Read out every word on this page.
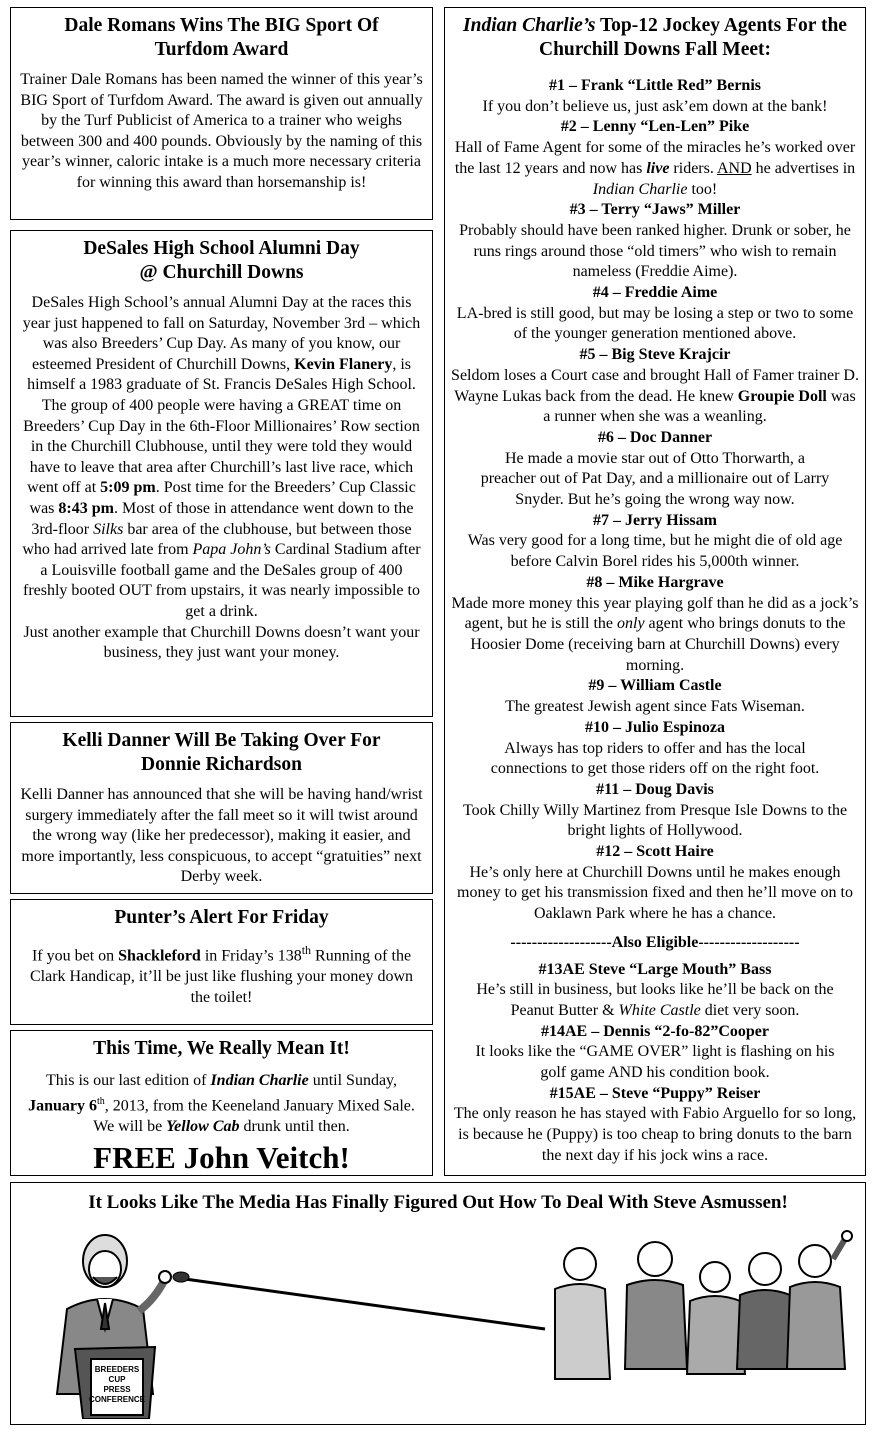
Dale Romans Wins The BIG Sport Of Turfdom Award

Trainer Dale Romans has been named the winner of this year’s BIG Sport of Turfdom Award. The award is given out annually by the Turf Publicist of America to a trainer who weighs between 300 and 400 pounds. Obviously by the naming of this year’s winner, caloric intake is a much more necessary criteria for winning this award than horsemanship is!

DeSales High School Alumni Day
@ Churchill Downs

DeSales High School’s annual Alumni Day at the races this year just happened to fall on Saturday, November 3rd – which was also Breeders’ Cup Day. As many of you know, our esteemed President of Churchill Downs, Kevin Flanery, is himself a 1983 graduate of St. Francis DeSales High School.

The group of 400 people were having a GREAT time on Breeders’ Cup Day in the 6th-Floor Millionaires’ Row section in the Churchill Clubhouse, until they were told they would have to leave that area after Churchill’s last live race, which went off at 5:09 pm. Post time for the Breeders’ Cup Classic was 8:43 pm. Most of those in attendance went down to the 3rd-floor Silks bar area of the clubhouse, but between those who had arrived late from Papa John’s Cardinal Stadium after a Louisville football game and the DeSales group of 400 freshly booted OUT from upstairs, it was nearly impossible to get a drink.

Just another example that Churchill Downs doesn’t want your business, they just want your money.

Kelli Danner Will Be Taking Over For Donnie Richardson

Kelli Danner has announced that she will be having hand/wrist surgery immediately after the fall meet so it will twist around the wrong way (like her predecessor), making it easier, and more importantly, less conspicuous, to accept “gratuities” next Derby week.

Punter’s Alert For Friday

If you bet on Shackleford in Friday’s 138th Running of the Clark Handicap, it’ll be just like flushing your money down the toilet!

This Time, We Really Mean It!

This is our last edition of Indian Charlie until Sunday, January 6th, 2013, from the Keeneland January Mixed Sale. We will be Yellow Cab drunk until then.

FREE John Veitch!
Indian Charlie’s Top-12 Jockey Agents For the Churchill Downs Fall Meet:

#1 – Frank “Little Red” Bernis

If you don’t believe us, just ask’em down at the bank!

#2 – Lenny “Len-Len” Pike

Hall of Fame Agent for some of the miracles he’s worked over the last 12 years and now has live riders. AND he advertises in Indian Charlie too!

#3 – Terry “Jaws” Miller

Probably should have been ranked higher. Drunk or sober, he runs rings around those “old timers” who wish to remain nameless (Freddie Aime).

#4 – Freddie Aime

LA-bred is still good, but may be losing a step or two to some of the younger generation mentioned above.

#5 – Big Steve Krajcir

Seldom loses a Court case and brought Hall of Famer trainer D. Wayne Lukas back from the dead. He knew Groupie Doll was a runner when she was a weanling.

#6 – Doc Danner

He made a movie star out of Otto Thorwarth, a preacher out of Pat Day, and a millionaire out of Larry Snyder. But he’s going the wrong way now.

#7 – Jerry Hissam

Was very good for a long time, but he might die of old age before Calvin Borel rides his 5,000th winner.

#8 – Mike Hargrave

Made more money this year playing golf than he did as a jock’s agent, but he is still the only agent who brings donuts to the Hoosier Dome (receiving barn at Churchill Downs) every morning.

#9 – William Castle

The greatest Jewish agent since Fats Wiseman.

#10 – Julio Espinoza

Always has top riders to offer and has the local connections to get those riders off on the right foot.

#11 – Doug Davis

Took Chilly Willy Martinez from Presque Isle Downs to the bright lights of Hollywood.

#12 – Scott Haire

He’s only here at Churchill Downs until he makes enough money to get his transmission fixed and then he’ll move on to Oaklawn Park where he has a chance.

-------------------Also Eligible-------------------

#13AE Steve “Large Mouth” Bass

He’s still in business, but looks like he’ll be back on the Peanut Butter & White Castle diet very soon.

#14AE – Dennis “2-fo-82”Cooper

It looks like the “GAME OVER” light is flashing on his golf game AND his condition book.

#15AE – Steve “Puppy” Reiser

The only reason he has stayed with Fabio Arguello for so long, is because he (Puppy) is too cheap to bring donuts to the barn the next day if his jock wins a race.

It Looks Like The Media Has Finally Figured Out How To Deal With Steve Asmussen!
BREEDERS
CUP
PRESS
CONFERENCE
